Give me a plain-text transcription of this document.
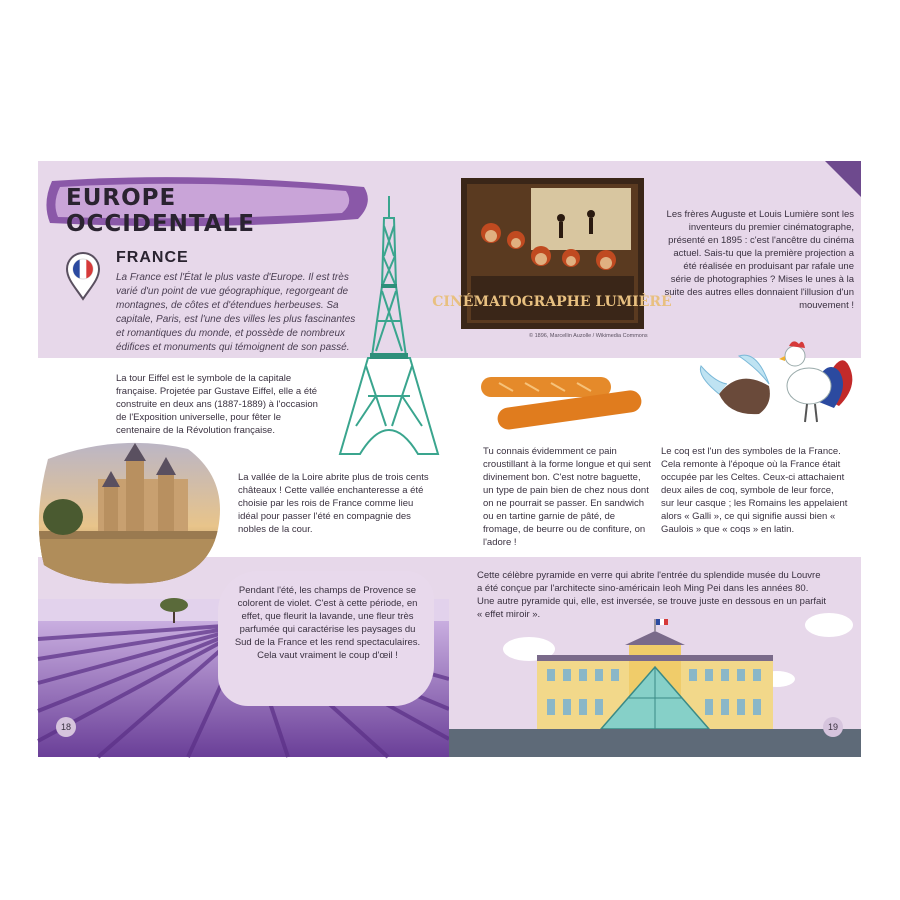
EUROPE OCCIDENTALE
FRANCE
La France est l'État le plus vaste d'Europe. Il est très varié d'un point de vue géographique, regorgeant de montagnes, de côtes et d'étendues herbeuses. Sa capitale, Paris, est l'une des villes les plus fascinantes et romantiques du monde, et possède de nombreux édifices et monuments qui témoignent de son passé.
La tour Eiffel est le symbole de la capitale française. Projetée par Gustave Eiffel, elle a été construite en deux ans (1887-1889) à l'occasion de l'Exposition universelle, pour fêter le centenaire de la Révolution française.
La vallée de la Loire abrite plus de trois cents châteaux ! Cette vallée enchanteresse a été choisie par les rois de France comme lieu idéal pour passer l'été en compagnie des nobles de la cour.
Pendant l'été, les champs de Provence se colorent de violet. C'est à cette période, en effet, que fleurit la lavande, une fleur très parfumée qui caractérise les paysages du Sud de la France et les rend spectaculaires. Cela vaut vraiment le coup d'œil !
18
CINÉMATOGRAPHE LUMIÈRE
© 1896, Marcellin Auzolle / Wikimedia Commons
Les frères Auguste et Louis Lumière sont les inventeurs du premier cinématographe, présenté en 1895 : c'est l'ancêtre du cinéma actuel. Sais-tu que la première projection a été réalisée en produisant par rafale une série de photographies ? Mises le unes à la suite des autres elles donnaient l'illusion d'un mouvement !
Tu connais évidemment ce pain croustillant à la forme longue et qui sent divinement bon. C'est notre baguette, un type de pain bien de chez nous dont on ne pourrait se passer. En sandwich ou en tartine garnie de pâté, de fromage, de beurre ou de confiture, on l'adore !
Le coq est l'un des symboles de la France. Cela remonte à l'époque où la France était occupée par les Celtes. Ceux-ci attachaient deux ailes de coq, symbole de leur force, sur leur casque ; les Romains les appelaient alors « Galli », ce qui signifie aussi bien « Gaulois » que « coqs » en latin.
Cette célèbre pyramide en verre qui abrite l'entrée du splendide musée du Louvre a été conçue par l'architecte sino-américain Ieoh Ming Pei dans les années 80. Une autre pyramide qui, elle, est inversée, se trouve juste en dessous en un parfait « effet miroir ».
19
